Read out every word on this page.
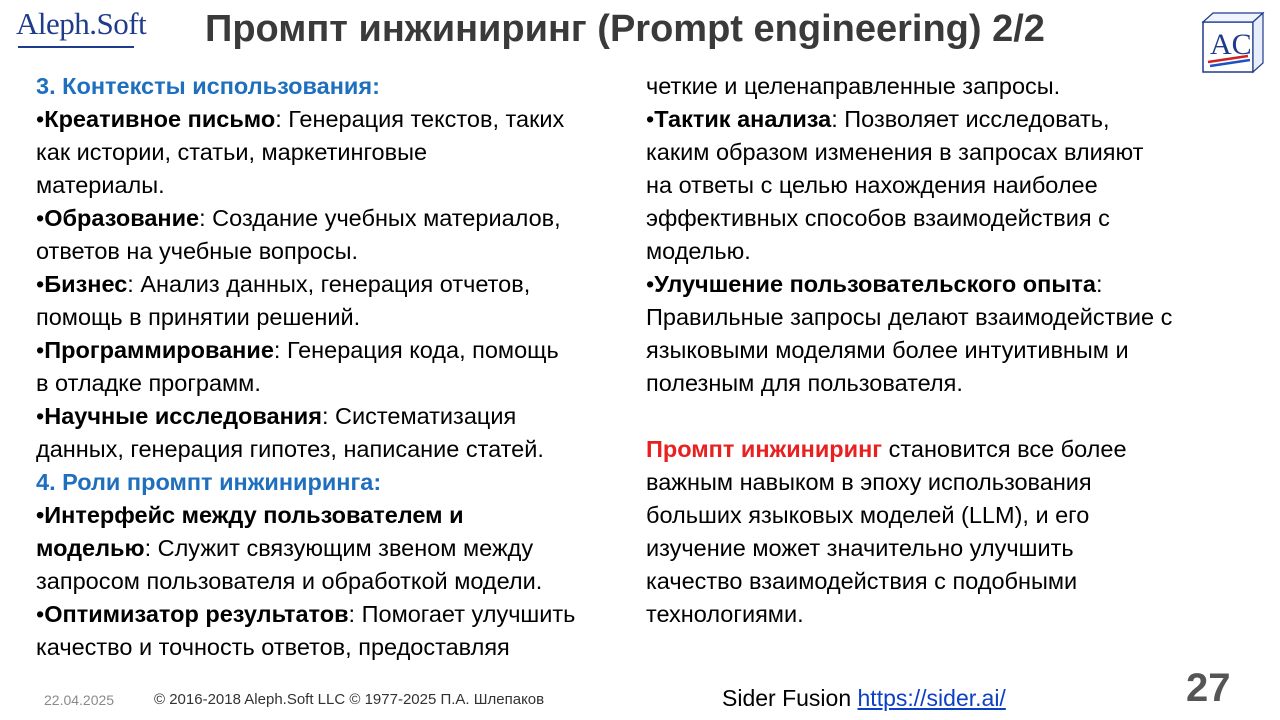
Aleph.Soft Промпт инжиниринг (Prompt engineering) 2/2	AC
3. Контексты использования:
•Креативное письмо: Генерация текстов, таких
как истории, статьи, маркетинговые
материалы.
•Образование: Создание учебных материалов,
ответов на учебные вопросы.
•Бизнес: Анализ данных, генерация отчетов,
помощь в принятии решений.
•Программирование: Генерация кода, помощь
в отладке программ.
•Научные исследования: Систематизация
данных, генерация гипотез, написание статей.
4. Роли промпт инжиниринга:
•Интерфейс между пользователем и
моделью: Служит связующим звеном между
запросом пользователя и обработкой модели.
•Оптимизатор результатов: Помогает улучшить
качество и точность ответов, предоставляя
четкие и целенаправленные запросы.
•Тактик анализа: Позволяет исследовать,
каким образом изменения в запросах влияют
на ответы с целью нахождения наиболее
эффективных способов взаимодействия с
моделью.
•Улучшение пользовательского опыта:
Правильные запросы делают взаимодействие с
языковыми моделями более интуитивным и
полезным для пользователя.
Промпт инжиниринг становится все более
важным навыком в эпоху использования
больших языковых моделей (LLM), и его
изучение может значительно улучшить
качество взаимодействия с подобными
технологиями.
22.04.2025	© 2016-2018 Aleph.Soft LLC © 1977-2025 П.А. Шлепаков	Sider Fusion https://sider.ai/	27
